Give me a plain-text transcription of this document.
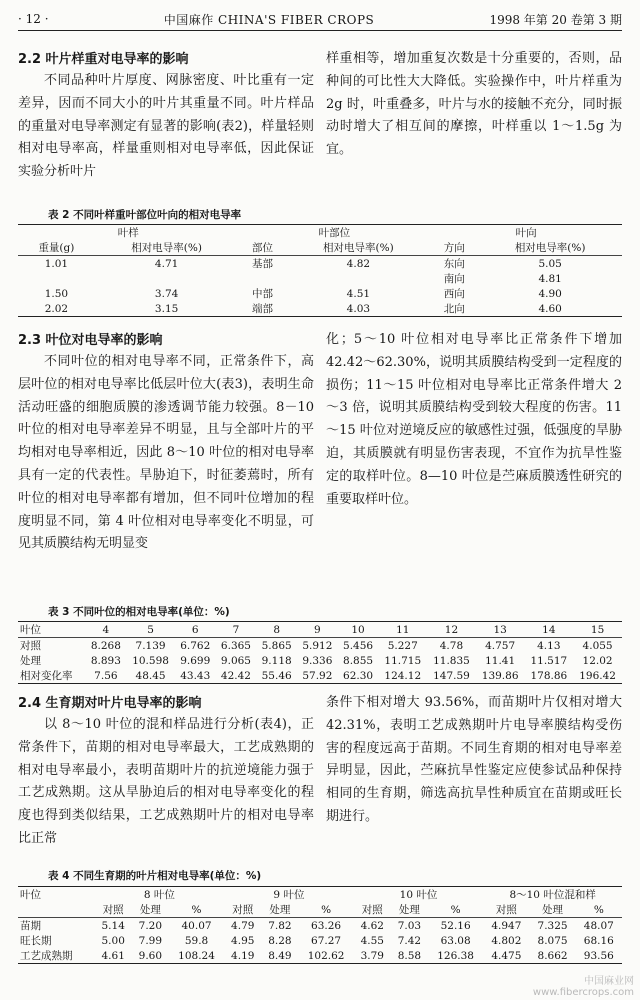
· 12 ·	中国麻作 CHINA'S FIBER CROPS	1998 年第 20 卷第 3 期
2.2 叶片样重对电导率的影响

不同品种叶片厚度、网脉密度、叶比重有一定差异，因而不同大小的叶片其重量不同。叶片样品的重量对电导率测定有显著的影响(表2)，样量轻则相对电导率高，样量重则相对电导率低，因此保证实验分析叶片

样重相等，增加重复次数是十分重要的，否则，品种间的可比性大大降低。实验操作中，叶片样重为 2g 时，叶重叠多，叶片与水的接触不充分，同时振动时增大了相互间的摩擦，叶样重以 1～1.5g 为宜。

表 2 不同叶样重叶部位叶向的相对电导率
叶样		叶部位		叶向	
重量(g)	相对电导率(%)	部位	相对电导率(%)	方向	相对电导率(%)
1.01	4.71	基部	4.82	东向	5.05
				南向	4.81
1.50	3.74	中部	4.51	西向	4.90
2.02	3.15	端部	4.03	北向	4.60
2.3 叶位对电导率的影响

不同叶位的相对电导率不同，正常条件下，高层叶位的相对电导率比低层叶位大(表3)，表明生命活动旺盛的细胞质膜的渗透调节能力较强。8－10 叶位的相对电导率差异不明显，且与全部叶片的平均相对电导率相近，因此 8～10 叶位的相对电导率具有一定的代表性。旱胁迫下，时征萎蔫时，所有叶位的相对电导率都有增加，但不同叶位增加的程度明显不同，第 4 叶位相对电导率变化不明显，可见其质膜结构无明显变

化；5～10 叶位相对电导率比正常条件下增加 42.42～62.30%，说明其质膜结构受到一定程度的损伤；11～15 叶位相对电导率比正常条件增大 2～3 倍，说明其质膜结构受到较大程度的伤害。11～15 叶位对逆境反应的敏感性过强，低强度的旱胁迫，其质膜就有明显伤害表现，不宜作为抗旱性鉴定的取样叶位。8—10 叶位是苎麻质膜透性研究的重要取样叶位。

表 3 不同叶位的相对电导率(单位：%)
叶位	4	5	6	7	8	9	10	11	12	13	14	15
对照	8.268	7.139	6.762	6.365	5.865	5.912	5.456	5.227	4.78	4.757	4.13	4.055
处理	8.893	10.598	9.699	9.065	9.118	9.336	8.855	11.715	11.835	11.41	11.517	12.02
相对变化率	7.56	48.45	43.43	42.42	55.46	57.92	62.30	124.12	147.59	139.86	178.86	196.42
2.4 生育期对叶片电导率的影响

以 8～10 叶位的混和样品进行分析(表4)，正常条件下，苗期的相对电导率最大，工艺成熟期的相对电导率最小，表明苗期叶片的抗逆境能力强于工艺成熟期。这从旱胁迫后的相对电导率变化的程度也得到类似结果，工艺成熟期叶片的相对电导率比正常

条件下相对增大 93.56%，而苗期叶片仅相对增大 42.31%，表明工艺成熟期叶片电导率膜结构受伤害的程度远高于苗期。不同生育期的相对电导率差异明显，因此，苎麻抗旱性鉴定应使参试品种保持相同的生育期，筛选高抗旱性种质宜在苗期或旺长期进行。

表 4 不同生育期的叶片相对电导率(单位：%)
叶位	8 叶位			9 叶位			10 叶位			8～10 叶位混和样		
	对照	处理	%	对照	处理	%	对照	处理	%	对照	处理	%
苗期	5.14	7.20	40.07	4.79	7.82	63.26	4.62	7.03	52.16	4.947	7.325	48.07
旺长期	5.00	7.99	59.8	4.95	8.28	67.27	4.55	7.42	63.08	4.802	8.075	68.16
工艺成熟期	4.61	9.60	108.24	4.19	8.49	102.62	3.79	8.58	126.38	4.475	8.662	93.56
中国麻业网
www.fibercrops.com
